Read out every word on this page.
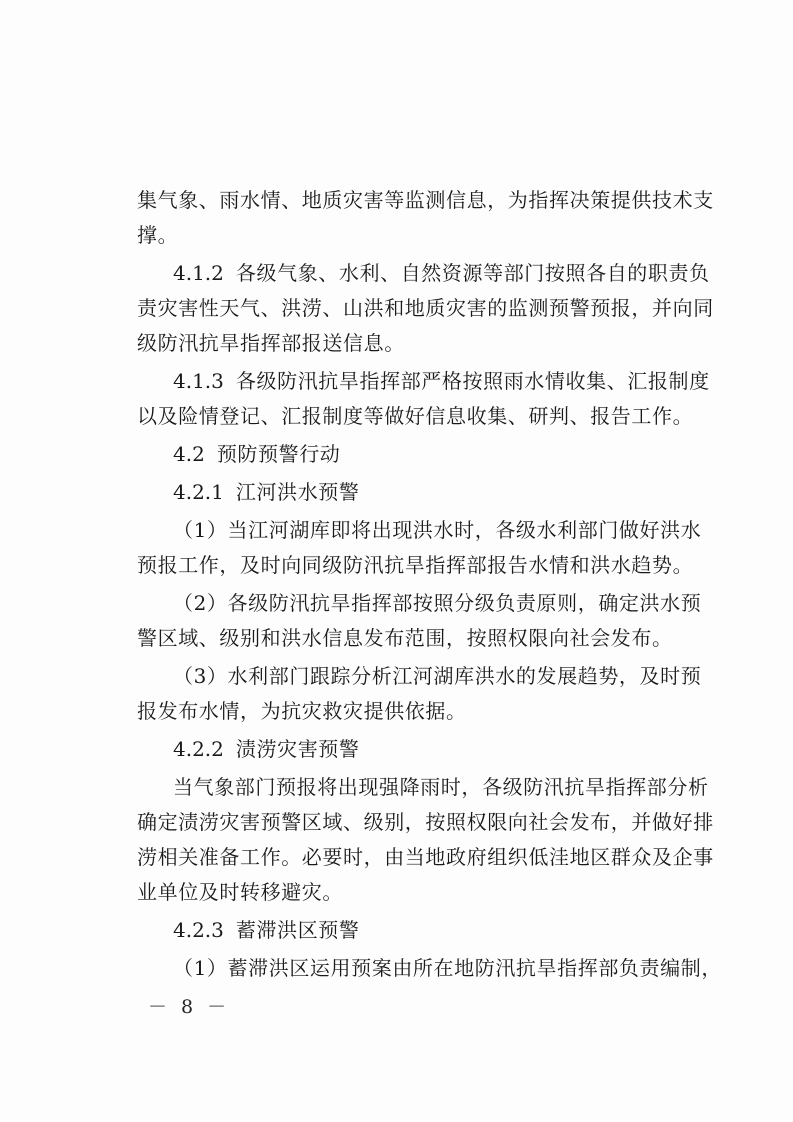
集气象、雨水情、地质灾害等监测信息，为指挥决策提供技术支
撑。
4.1.2 各级气象、水利、自然资源等部门按照各自的职责负
责灾害性天气、洪涝、山洪和地质灾害的监测预警预报，并向同
级防汛抗旱指挥部报送信息。
4.1.3 各级防汛抗旱指挥部严格按照雨水情收集、汇报制度
以及险情登记、汇报制度等做好信息收集、研判、报告工作。
4.2 预防预警行动
4.2.1 江河洪水预警
（1）当江河湖库即将出现洪水时，各级水利部门做好洪水
预报工作，及时向同级防汛抗旱指挥部报告水情和洪水趋势。
（2）各级防汛抗旱指挥部按照分级负责原则，确定洪水预
警区域、级别和洪水信息发布范围，按照权限向社会发布。
（3）水利部门跟踪分析江河湖库洪水的发展趋势，及时预
报发布水情，为抗灾救灾提供依据。
4.2.2 渍涝灾害预警
当气象部门预报将出现强降雨时，各级防汛抗旱指挥部分析
确定渍涝灾害预警区域、级别，按照权限向社会发布，并做好排
涝相关准备工作。必要时，由当地政府组织低洼地区群众及企事
业单位及时转移避灾。
4.2.3 蓄滞洪区预警
（1）蓄滞洪区运用预案由所在地防汛抗旱指挥部负责编制，
－ 8 －
